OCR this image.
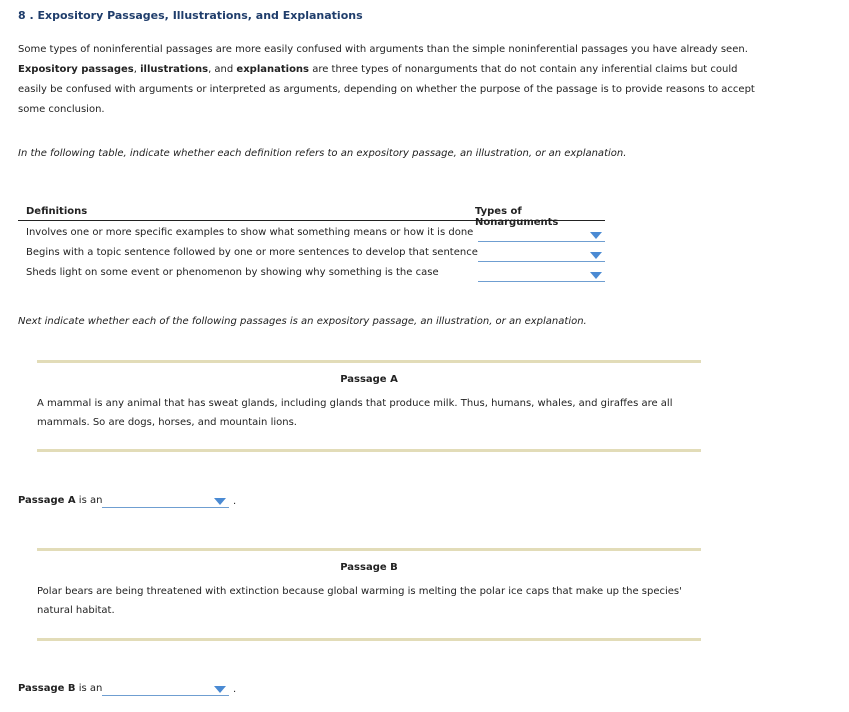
8 . Expository Passages, Illustrations, and Explanations
Some types of noninferential passages are more easily confused with arguments than the simple noninferential passages you have already seen. Expository passages, illustrations, and explanations are three types of nonarguments that do not contain any inferential claims but could easily be confused with arguments or interpreted as arguments, depending on whether the purpose of the passage is to provide reasons to accept some conclusion.
In the following table, indicate whether each definition refers to an expository passage, an illustration, or an explanation.
Definitions	Types of Nonarguments
Involves one or more specific examples to show what something means or how it is done
Begins with a topic sentence followed by one or more sentences to develop that sentence
Sheds light on some event or phenomenon by showing why something is the case
Next indicate whether each of the following passages is an expository passage, an illustration, or an explanation.
Passage A
A mammal is any animal that has sweat glands, including glands that produce milk. Thus, humans, whales, and giraffes are all mammals. So are dogs, horses, and mountain lions.
Passage A is an	.
Passage B
Polar bears are being threatened with extinction because global warming is melting the polar ice caps that make up the species' natural habitat.
Passage B is an	.
